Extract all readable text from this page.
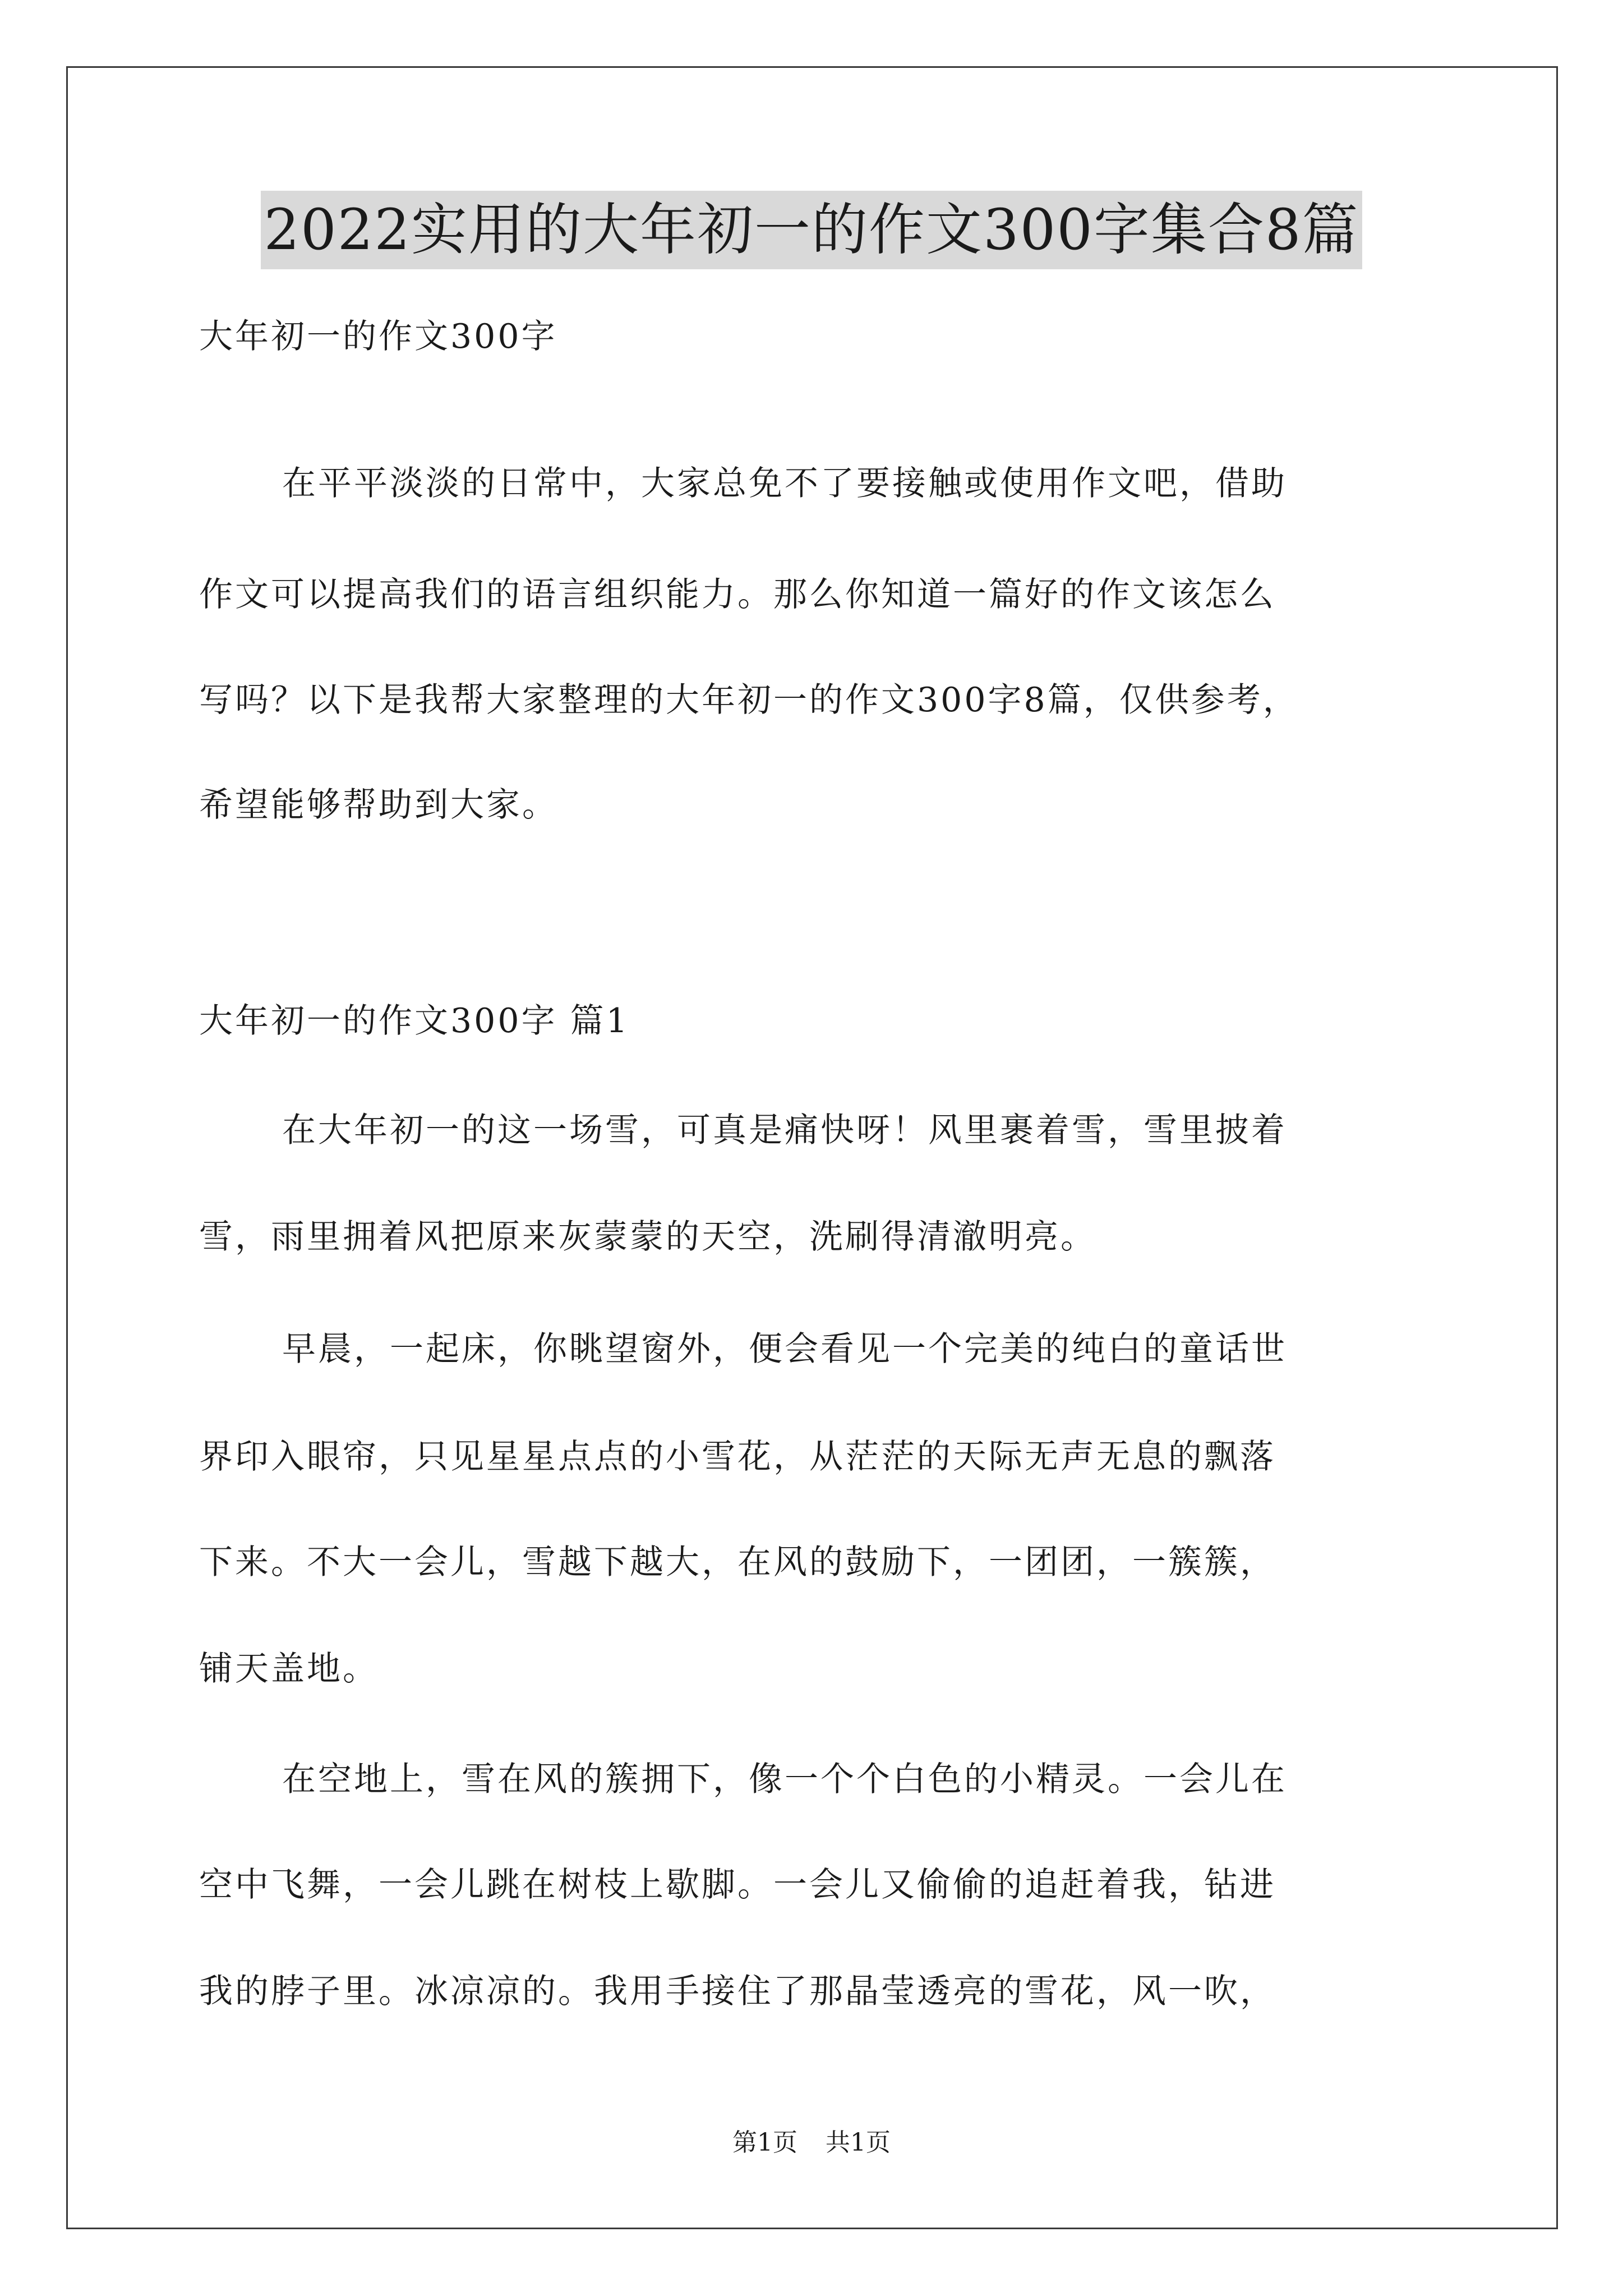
2022实用的大年初一的作文300字集合8篇
大年初一的作文300字
在平平淡淡的日常中，大家总免不了要接触或使用作文吧，借助
作文可以提高我们的语言组织能力。那么你知道一篇好的作文该怎么
写吗？以下是我帮大家整理的大年初一的作文300字8篇，仅供参考，
希望能够帮助到大家。
大年初一的作文300字 篇1
在大年初一的这一场雪，可真是痛快呀！风里裹着雪，雪里披着
雪，雨里拥着风把原来灰蒙蒙的天空，洗刷得清澈明亮。
早晨，一起床，你眺望窗外，便会看见一个完美的纯白的童话世
界印入眼帘，只见星星点点的小雪花，从茫茫的天际无声无息的飘落
下来。不大一会儿，雪越下越大，在风的鼓励下，一团团，一簇簇，
铺天盖地。
在空地上，雪在风的簇拥下，像一个个白色的小精灵。一会儿在
空中飞舞，一会儿跳在树枝上歇脚。一会儿又偷偷的追赶着我，钻进
我的脖子里。冰凉凉的。我用手接住了那晶莹透亮的雪花，风一吹，
第1页 共1页
